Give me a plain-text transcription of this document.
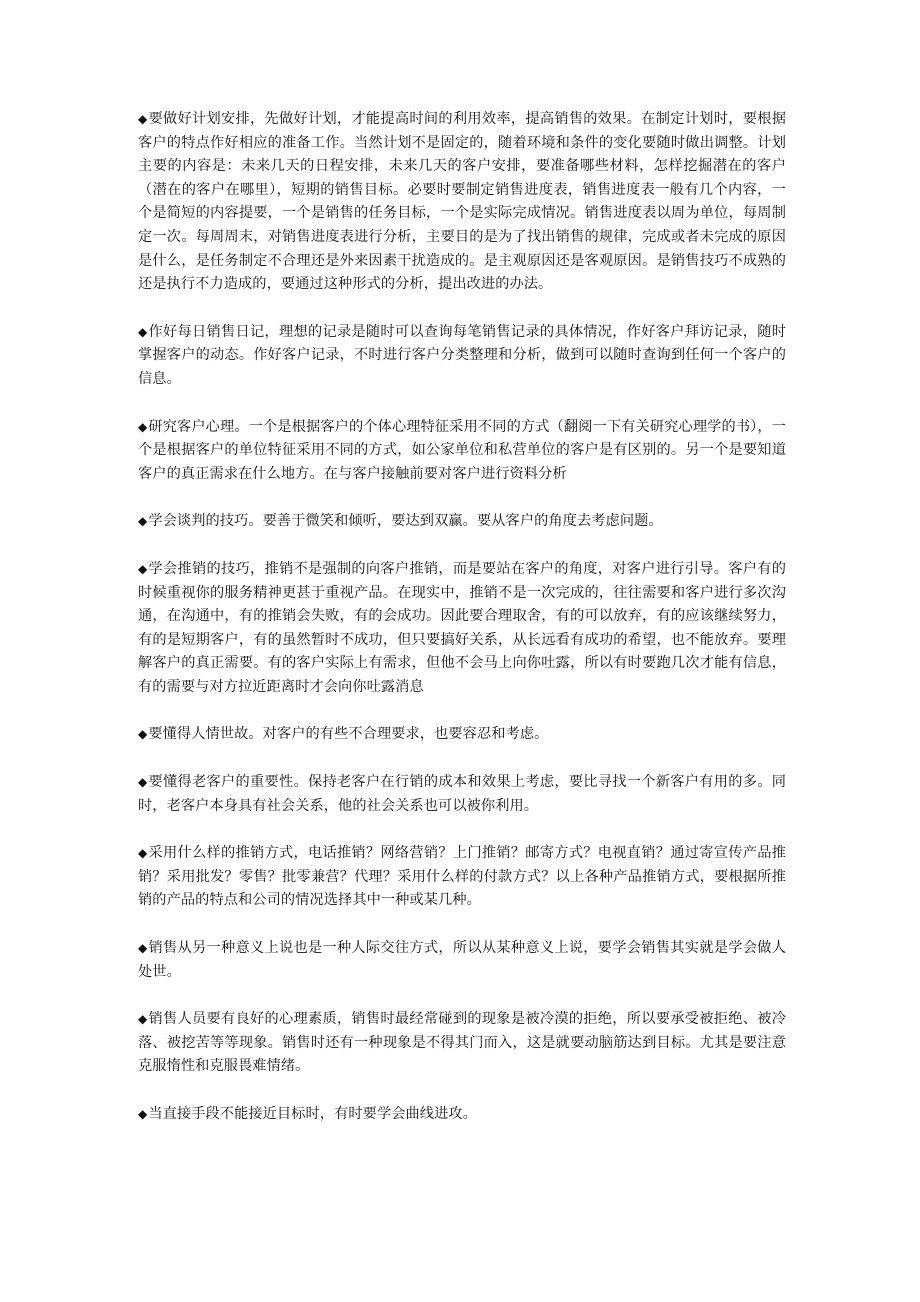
◆要做好计划安排，先做好计划，才能提高时间的利用效率，提高销售的效果。在制定计划时，要根据客户的特点作好相应的准备工作。当然计划不是固定的，随着环境和条件的变化要随时做出调整。计划主要的内容是：未来几天的日程安排，未来几天的客户安排，要准备哪些材料，怎样挖掘潜在的客户（潜在的客户在哪里），短期的销售目标。必要时要制定销售进度表，销售进度表一般有几个内容，一个是简短的内容提要，一个是销售的任务目标，一个是实际完成情况。销售进度表以周为单位，每周制定一次。每周周末，对销售进度表进行分析，主要目的是为了找出销售的规律，完成或者未完成的原因是什么，是任务制定不合理还是外来因素干扰造成的。是主观原因还是客观原因。是销售技巧不成熟的还是执行不力造成的，要通过这种形式的分析，提出改进的办法。

◆作好每日销售日记，理想的记录是随时可以查询每笔销售记录的具体情况，作好客户拜访记录，随时掌握客户的动态。作好客户记录，不时进行客户分类整理和分析，做到可以随时查询到任何一个客户的信息。

◆研究客户心理。一个是根据客户的个体心理特征采用不同的方式（翻阅一下有关研究心理学的书），一个是根据客户的单位特征采用不同的方式，如公家单位和私营单位的客户是有区别的。另一个是要知道客户的真正需求在什么地方。在与客户接触前要对客户进行资料分析

◆学会谈判的技巧。要善于微笑和倾听，要达到双赢。要从客户的角度去考虑问题。

◆学会推销的技巧，推销不是强制的向客户推销，而是要站在客户的角度，对客户进行引导。客户有的时候重视你的服务精神更甚于重视产品。在现实中，推销不是一次完成的，往往需要和客户进行多次沟通，在沟通中，有的推销会失败，有的会成功。因此要合理取舍，有的可以放弃，有的应该继续努力，有的是短期客户，有的虽然暂时不成功，但只要搞好关系，从长远看有成功的希望，也不能放弃。要理解客户的真正需要。有的客户实际上有需求，但他不会马上向你吐露，所以有时要跑几次才能有信息，有的需要与对方拉近距离时才会向你吐露消息

◆要懂得人情世故。对客户的有些不合理要求，也要容忍和考虑。

◆要懂得老客户的重要性。保持老客户在行销的成本和效果上考虑，要比寻找一个新客户有用的多。同时，老客户本身具有社会关系，他的社会关系也可以被你利用。

◆采用什么样的推销方式，电话推销？网络营销？上门推销？邮寄方式？电视直销？通过寄宣传产品推销？采用批发？零售？批零兼营？代理？采用什么样的付款方式？以上各种产品推销方式，要根据所推销的产品的特点和公司的情况选择其中一种或某几种。

◆销售从另一种意义上说也是一种人际交往方式，所以从某种意义上说，要学会销售其实就是学会做人处世。

◆销售人员要有良好的心理素质，销售时最经常碰到的现象是被冷漠的拒绝，所以要承受被拒绝、被冷落、被挖苦等等现象。销售时还有一种现象是不得其门而入，这是就要动脑筋达到目标。尤其是要注意克服惰性和克服畏难情绪。

◆当直接手段不能接近目标时，有时要学会曲线进攻。
